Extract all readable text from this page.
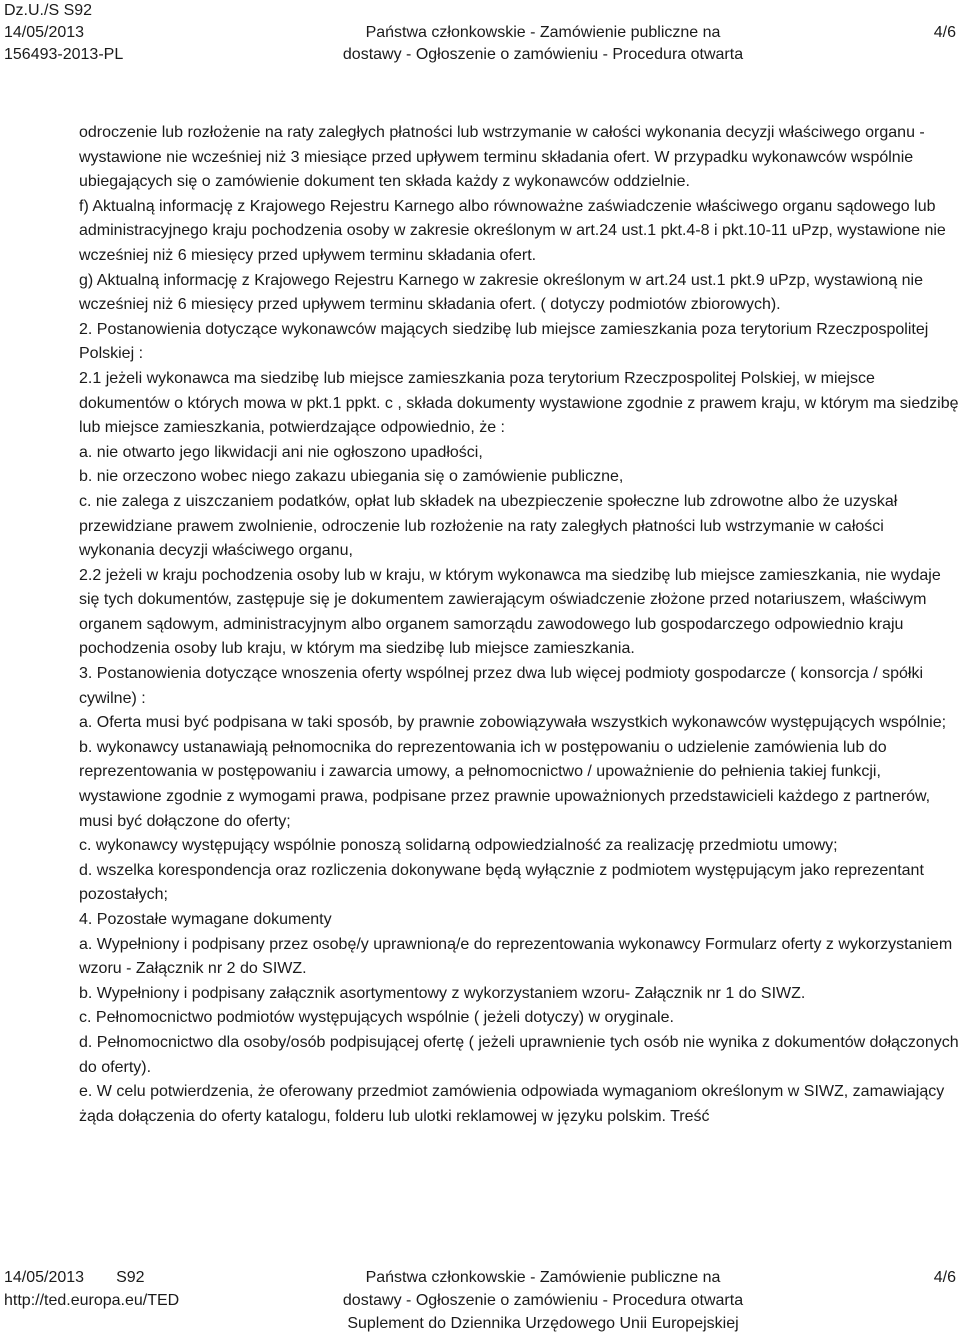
Dz.U./S S92
14/05/2013
156493-2013-PL
Państwa członkowskie - Zamówienie publiczne na
dostawy - Ogłoszenie o zamówieniu - Procedura otwarta
4/6

odroczenie lub rozłożenie na raty zaległych płatności lub wstrzymanie w całości wykonania decyzji właściwego organu - wystawione nie wcześniej niż 3 miesiące przed upływem terminu składania ofert. W przypadku wykonawców wspólnie ubiegających się o zamówienie dokument ten składa każdy z wykonawców oddzielnie.

f) Aktualną informację z Krajowego Rejestru Karnego albo równoważne zaświadczenie właściwego organu sądowego lub administracyjnego kraju pochodzenia osoby w zakresie określonym w art.24 ust.1 pkt.4-8 i pkt.10-11 uPzp, wystawione nie wcześniej niż 6 miesięcy przed upływem terminu składania ofert.

g) Aktualną informację z Krajowego Rejestru Karnego w zakresie określonym w art.24 ust.1 pkt.9 uPzp, wystawioną nie wcześniej niż 6 miesięcy przed upływem terminu składania ofert. ( dotyczy podmiotów zbiorowych).

2. Postanowienia dotyczące wykonawców mających siedzibę lub miejsce zamieszkania poza terytorium Rzeczpospolitej Polskiej :

2.1 jeżeli wykonawca ma siedzibę lub miejsce zamieszkania poza terytorium Rzeczpospolitej Polskiej, w miejsce dokumentów o których mowa w pkt.1 ppkt. c , składa dokumenty wystawione zgodnie z prawem kraju, w którym ma siedzibę lub miejsce zamieszkania, potwierdzające odpowiednio, że :

a. nie otwarto jego likwidacji ani nie ogłoszono upadłości,

b. nie orzeczono wobec niego zakazu ubiegania się o zamówienie publiczne,

c. nie zalega z uiszczaniem podatków, opłat lub składek na ubezpieczenie społeczne lub zdrowotne albo że uzyskał przewidziane prawem zwolnienie, odroczenie lub rozłożenie na raty zaległych płatności lub wstrzymanie w całości wykonania decyzji właściwego organu,

2.2 jeżeli w kraju pochodzenia osoby lub w kraju, w którym wykonawca ma siedzibę lub miejsce zamieszkania, nie wydaje się tych dokumentów, zastępuje się je dokumentem zawierającym oświadczenie złożone przed notariuszem, właściwym organem sądowym, administracyjnym albo organem samorządu zawodowego lub gospodarczego odpowiednio kraju pochodzenia osoby lub kraju, w którym ma siedzibę lub miejsce zamieszkania.

3. Postanowienia dotyczące wnoszenia oferty wspólnej przez dwa lub więcej podmioty gospodarcze ( konsorcja / spółki cywilne) :

a. Oferta musi być podpisana w taki sposób, by prawnie zobowiązywała wszystkich wykonawców występujących wspólnie;

b. wykonawcy ustanawiają pełnomocnika do reprezentowania ich w postępowaniu o udzielenie zamówienia lub do reprezentowania w postępowaniu i zawarcia umowy, a pełnomocnictwo / upoważnienie do pełnienia takiej funkcji, wystawione zgodnie z wymogami prawa, podpisane przez prawnie upoważnionych przedstawicieli każdego z partnerów, musi być dołączone do oferty;

c. wykonawcy występujący wspólnie ponoszą solidarną odpowiedzialność za realizację przedmiotu umowy;

d. wszelka korespondencja oraz rozliczenia dokonywane będą wyłącznie z podmiotem występującym jako reprezentant pozostałych;

4. Pozostałe wymagane dokumenty

a. Wypełniony i podpisany przez osobę/y uprawnioną/e do reprezentowania wykonawcy Formularz oferty z wykorzystaniem wzoru - Załącznik nr 2 do SIWZ.

b. Wypełniony i podpisany załącznik asortymentowy z wykorzystaniem wzoru- Załącznik nr 1 do SIWZ.

c. Pełnomocnictwo podmiotów występujących wspólnie ( jeżeli dotyczy) w oryginale.

d. Pełnomocnictwo dla osoby/osób podpisującej ofertę ( jeżeli uprawnienie tych osób nie wynika z dokumentów dołączonych do oferty).

e. W celu potwierdzenia, że oferowany przedmiot zamówienia odpowiada wymaganiom określonym w SIWZ, zamawiający żąda dołączenia do oferty katalogu, folderu lub ulotki reklamowej w języku polskim. Treść

14/05/2013 S92
http://ted.europa.eu/TED
Państwa członkowskie - Zamówienie publiczne na
dostawy - Ogłoszenie o zamówieniu - Procedura otwarta
Suplement do Dziennika Urzędowego Unii Europejskiej
4/6
